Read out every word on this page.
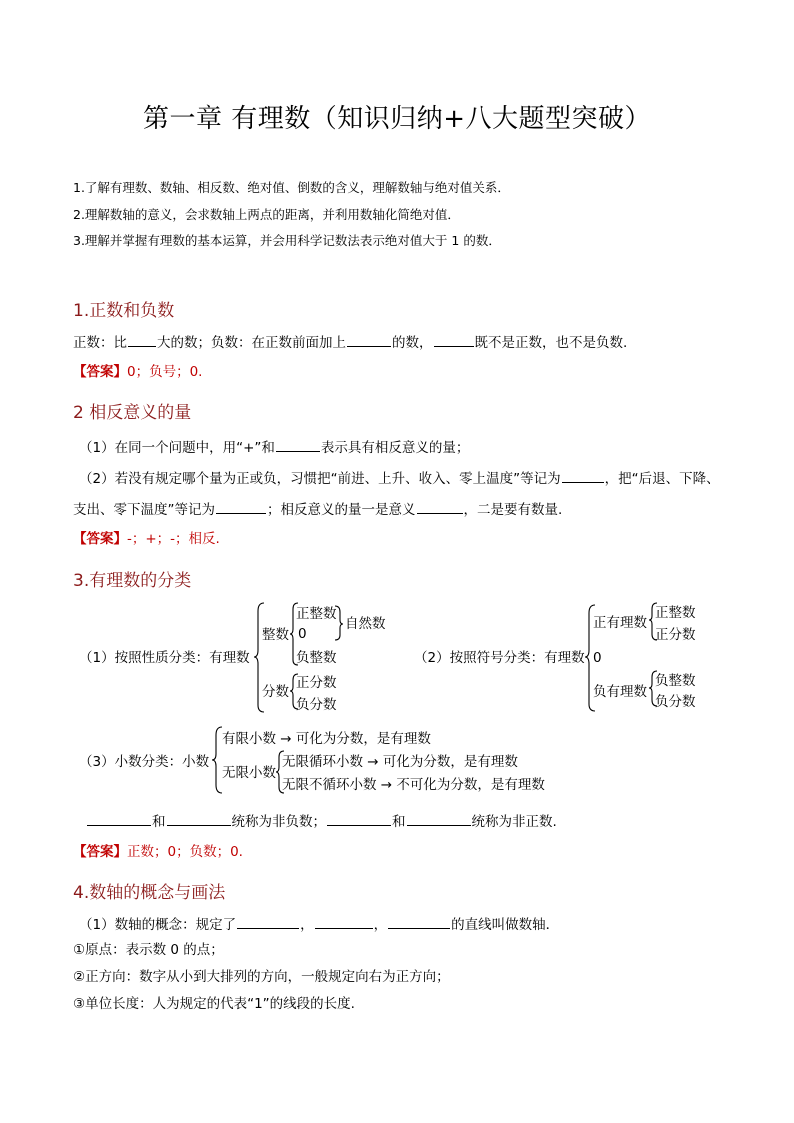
第一章 有理数（知识归纳+八大题型突破）
1.了解有理数、数轴、相反数、绝对值、倒数的含义，理解数轴与绝对值关系．
2.理解数轴的意义，会求数轴上两点的距离，并利用数轴化简绝对值．
3.理解并掌握有理数的基本运算，并会用科学记数法表示绝对值大于 1 的数．
1.正数和负数
正数：比 大的数；负数：在正数前面加上	的数，	既不是正数，也不是负数.
【答案】0；负号；0.
2 相反意义的量
（1）在同一个问题中，用“+”和	表示具有相反意义的量；
（2）若没有规定哪个量为正或负，习惯把“前进、上升、收入、零上温度”等记为	，把“后退、下降、
支出、零下温度”等记为	；相反意义的量一是意义	，二是要有数量.
【答案】-；+；-；相反.
3.有理数的分类
（1）按照性质分类：有理数
整数
正整数
0
自然数
负整数
分数
正分数
负分数
（2）按照符号分类：有理数
正有理数
正整数
正分数
0
负有理数
负整数
负分数
（3）小数分类：小数
有限小数 → 可化为分数，是有理数
无限小数
无限循环小数 → 可化为分数，是有理数
无限不循环小数 → 不可化为分数，是有理数
和	统称为非负数；	和	统称为非正数.
【答案】正数；0；负数；0.
4.数轴的概念与画法
（1）数轴的概念：规定了	，	，	的直线叫做数轴．
①原点：表示数 0 的点；
②正方向：数字从小到大排列的方向，一般规定向右为正方向；
③单位长度：人为规定的代表“1”的线段的长度.
